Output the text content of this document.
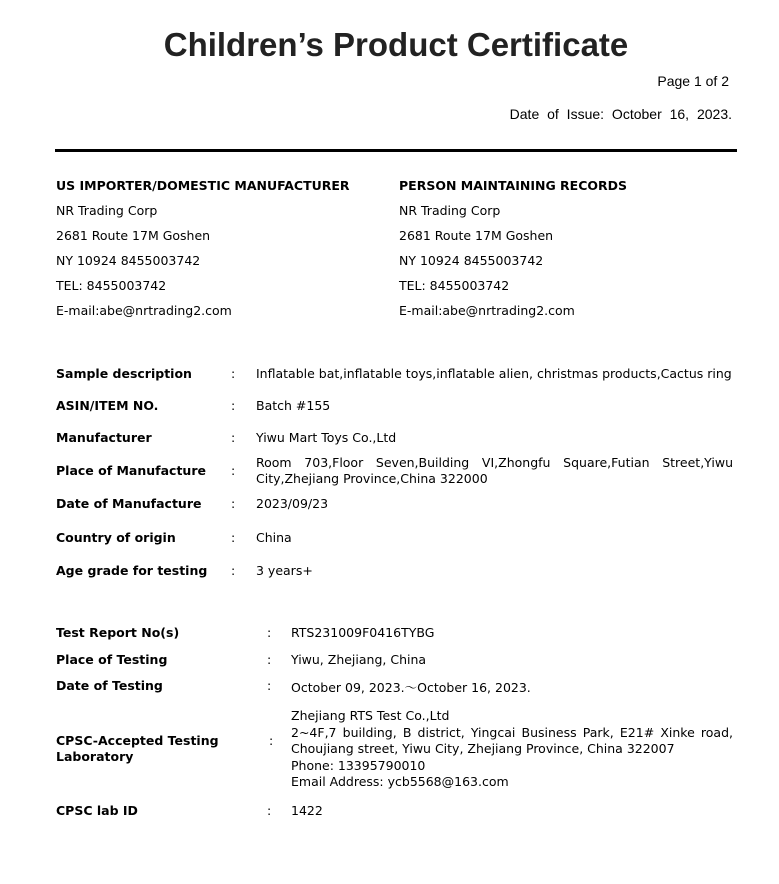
Children’s Product Certificate
Page 1 of 2
Date of Issue: October 16, 2023.
US IMPORTER/DOMESTIC MANUFACTURER
NR Trading Corp
2681 Route 17M Goshen
NY 10924 8455003742
TEL: 8455003742
E-mail:abe@nrtrading2.com
PERSON MAINTAINING RECORDS
NR Trading Corp
2681 Route 17M Goshen
NY 10924 8455003742
TEL: 8455003742
E-mail:abe@nrtrading2.com
Sample description	: Inflatable bat,inflatable toys,inflatable alien, christmas products,Cactus ring
ASIN/ITEM NO.	: Batch #155
Manufacturer	: Yiwu Mart Toys Co.,Ltd
Place of Manufacture :
Room 703,Floor Seven,Building VI,Zhongfu Square,Futian Street,Yiwu City,Zhejiang Province,China 322000
Date of Manufacture : 2023/09/23
Country of origin	: China
Age grade for testing : 3 years+
Test Report No(s)	: RTS231009F0416TYBG
Place of Testing	: Yiwu, Zhejiang, China
Date of Testing	: October 09, 2023.～October 16, 2023.
CPSC-Accepted Testing
Laboratory
:
Zhejiang RTS Test Co.,Ltd
2~4F,7 building, B district, Yingcai Business Park, E21# Xinke road, Choujiang street, Yiwu City, Zhejiang Province, China 322007
Phone: 13395790010
Email Address: ycb5568@163.com
CPSC lab ID	: 1422
